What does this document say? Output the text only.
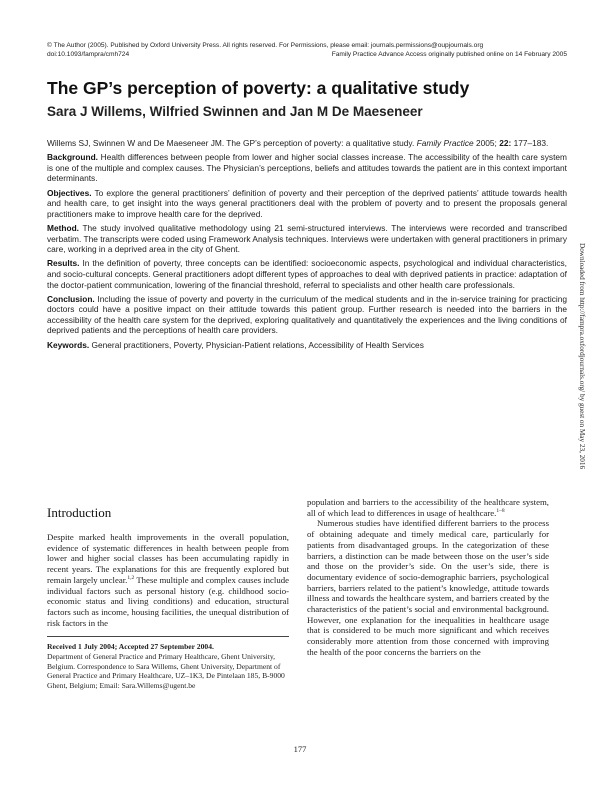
© The Author (2005). Published by Oxford University Press. All rights reserved. For Permissions, please email: journals.permissions@oupjournals.org
doi:10.1093/fampra/cmh724	Family Practice Advance Access originally published online on 14 February 2005
The GP’s perception of poverty: a qualitative study
Sara J Willems, Wilfried Swinnen and Jan M De Maeseneer

Willems SJ, Swinnen W and De Maeseneer JM. The GP’s perception of poverty: a qualitative study. Family Practice 2005; 22: 177–183.

Background. Health differences between people from lower and higher social classes increase. The accessibility of the health care system is one of the multiple and complex causes. The Physician’s perceptions, beliefs and attitudes towards the patient are in this context important determinants.

Objectives. To explore the general practitioners’ definition of poverty and their perception of the deprived patients’ attitude towards health and health care, to get insight into the ways general practitioners deal with the problem of poverty and to present the proposals general practitioners make to improve health care for the deprived.

Method. The study involved qualitative methodology using 21 semi-structured interviews. The interviews were recorded and transcribed verbatim. The transcripts were coded using Framework Analysis techniques. Interviews were undertaken with general practitioners in primary care, working in a deprived area in the city of Ghent.

Results. In the definition of poverty, three concepts can be identified: socioeconomic aspects, psychological and individual characteristics, and socio-cultural concepts. General practitioners adopt different types of approaches to deal with deprived patients in practice: adaptation of the doctor-patient communication, lowering of the financial threshold, referral to specialists and other health care professionals.

Conclusion. Including the issue of poverty and poverty in the curriculum of the medical students and in the in-service training for practicing doctors could have a positive impact on their attitude towards this patient group. Further research is needed into the barriers in the accessibility of the health care system for the deprived, exploring qualitatively and quantitatively the experiences and the living conditions of deprived patients and the perceptions of health care providers.

Keywords. General practitioners, Poverty, Physician-Patient relations, Accessibility of Health Services

Introduction

Despite marked health improvements in the overall population, evidence of systematic differences in health between people from lower and higher social classes has been accumulating rapidly in recent years. The explanations for this are frequently explored but remain largely unclear.$^{1,2}$ These multiple and complex causes include individual factors such as personal history (e.g. childhood socio-economic status and living conditions) and education, structural factors such as income, housing facilities, the unequal distribution of risk factors in the

Received 1 July 2004; Accepted 27 September 2004.

Department of General Practice and Primary Healthcare, Ghent University, Belgium. Correspondence to Sara Willems, Ghent University, Department of General Practice and Primary Healthcare, UZ–1K3, De Pintelaan 185, B-9000 Ghent, Belgium; Email: Sara.Willems@ugent.be

population and barriers to the accessibility of the healthcare system, all of which lead to differences in usage of healthcare.$^{1-8}$

Numerous studies have identified different barriers to the process of obtaining adequate and timely medical care, particularly for patients from disadvantaged groups. In the categorization of these barriers, a distinction can be made between those on the user’s side and those on the provider’s side. On the user’s side, there is documentary evidence of socio-demographic barriers, psychological barriers, barriers related to the patient’s knowledge, attitude towards illness and towards the healthcare system, and barriers created by the characteristics of the patient’s social and environmental background. However, one explanation for the inequalities in healthcare usage that is considered to be much more significant and which receives considerably more attention from those concerned with improving the health of the poor concerns the barriers on the

177
Downloaded from http://fampra.oxfordjournals.org/ by guest on May 23, 2016
